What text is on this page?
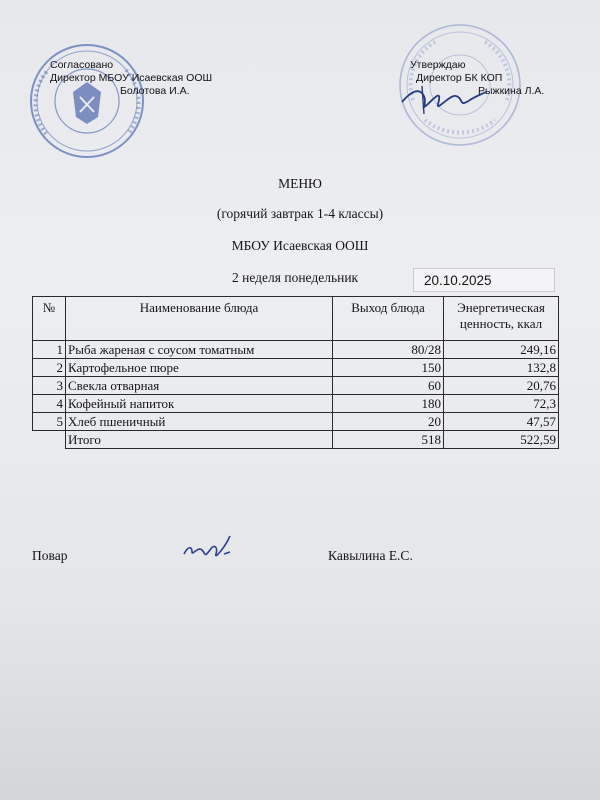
Согласовано
Директор МБОУ Исаевская ООШ
Болотова И.А.
Утверждаю
Директор БК КОП
Рыжкина Л.А.
МЕНЮ
(горячий завтрак 1-4 классы)
МБОУ Исаевская ООШ
2 неделя понедельник	20.10.2025
№	Наименование блюда	Выход блюда	Энергетическая
ценность, ккал
1	Рыба жареная с соусом томатным	80/28	249,16
2	Картофельное пюре	150	132,8
3	Свекла отварная	60	20,76
4	Кофейный напиток	180	72,3
5	Хлеб пшеничный	20	47,57
	Итого	518	522,59
Повар	Кавылина Е.С.
